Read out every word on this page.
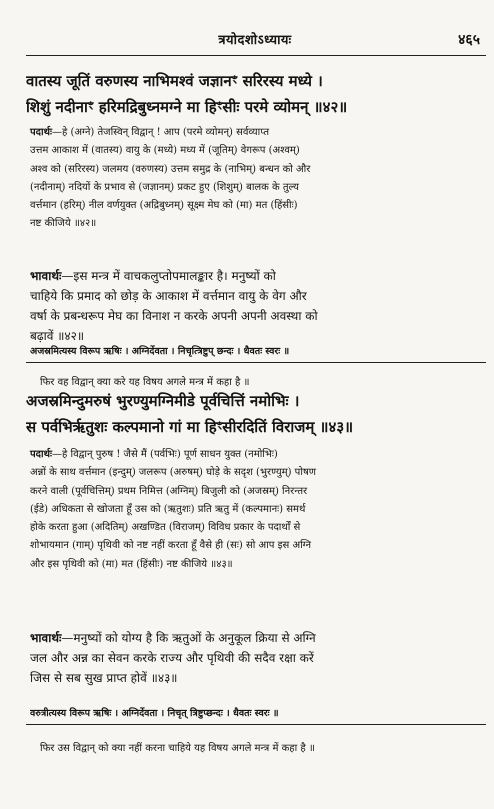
त्रयोदशोऽध्यायः	४६५
वातस्य जूतिं वरुणस्य नाभिमश्वं जज्ञानꣳ सरिरस्य मध्ये ।
शिशुं नदीनाꣳ हरिमद्रिबुध्नमग्ने मा हिꣳसीः परमे व्योमन् ॥४२॥
पदार्थः—हे (अग्ने) तेजस्विन् विद्वान् ! आप (परमे व्योमन्) सर्वव्याप्त
उत्तम आकाश में (वातस्य) वायु के (मध्ये) मध्य में (जूतिम्) वेगरूप (अश्वम्)
अश्व को (सरिरस्य) जलमय (वरुणस्य) उत्तम समुद्र के (नाभिम्) बन्धन को और
(नदीनाम्) नदियों के प्रभाव से (जज्ञानम्) प्रकट हुए (शिशुम्) बालक के तुल्य
वर्त्तमान (हरिम्) नील वर्णयुक्त (अद्रिबुध्नम्) सूक्ष्म मेघ को (मा) मत (हिंसीः)
नष्ट कीजिये ॥४२॥
भावार्थः—इस मन्त्र में वाचकलुप्तोपमालङ्कार है। मनुष्यों को
चाहिये कि प्रमाद को छोड़ के आकाश में वर्त्तमान वायु के वेग और
वर्षा के प्रबन्धरूप मेघ का विनाश न करके अपनी अपनी अवस्था को
बढ़ावें ॥४२॥
अजस्रमित्यस्य विरूप ऋषिः । अग्निर्देवता । निचृत्त्रिष्टुप् छन्दः । धैवतः स्वरः ॥
फिर वह विद्वान् क्या करे यह विषय अगले मन्त्र में कहा है ॥
अजस्रमिन्दुमरुषं भुरण्युमग्निमीडे पूर्वचित्तिं नमोभिः ।
स पर्वभिर्ऋतुशः कल्पमानो गां मा हिꣳसीरदितिं विराजम् ॥४३॥
पदार्थः—हे विद्वान् पुरुष ! जैसे मैं (पर्वभिः) पूर्ण साधन युक्त (नमोभिः)
अन्नों के साथ वर्त्तमान (इन्दुम्) जलरूप (अरुषम्) घोड़े के सदृश (भुरण्युम्) पोषण
करने वाली (पूर्वचित्तिम्) प्रथम निमित्त (अग्निम्) बिजुली को (अजस्रम्) निरन्तर
(ईडे) अधिकता से खोजता हूँ उस को (ऋतुशः) प्रति ऋतु में (कल्पमानः) समर्थ
होके करता हुआ (अदितिम्) अखण्डित (विराजम्) विविध प्रकार के पदार्थों से
शोभायमान (गाम्) पृथिवी को नष्ट नहीं करता हूँ वैसे ही (सः) सो आप इस अग्नि
और इस पृथिवी को (मा) मत (हिंसीः) नष्ट कीजिये ॥४३॥
भावार्थः—मनुष्यों को योग्य है कि ऋतुओं के अनुकूल क्रिया से अग्नि
जल और अन्न का सेवन करके राज्य और पृथिवी की सदैव रक्षा करें
जिस से सब सुख प्राप्त होवें ॥४३॥
वरुत्रीत्यस्य विरूप ऋषिः । अग्निर्देवता । निचृत् त्रिष्टुप्छन्दः । धैवतः स्वरः ॥
फिर उस विद्वान् को क्या नहीं करना चाहिये यह विषय अगले मन्त्र में कहा है ॥
